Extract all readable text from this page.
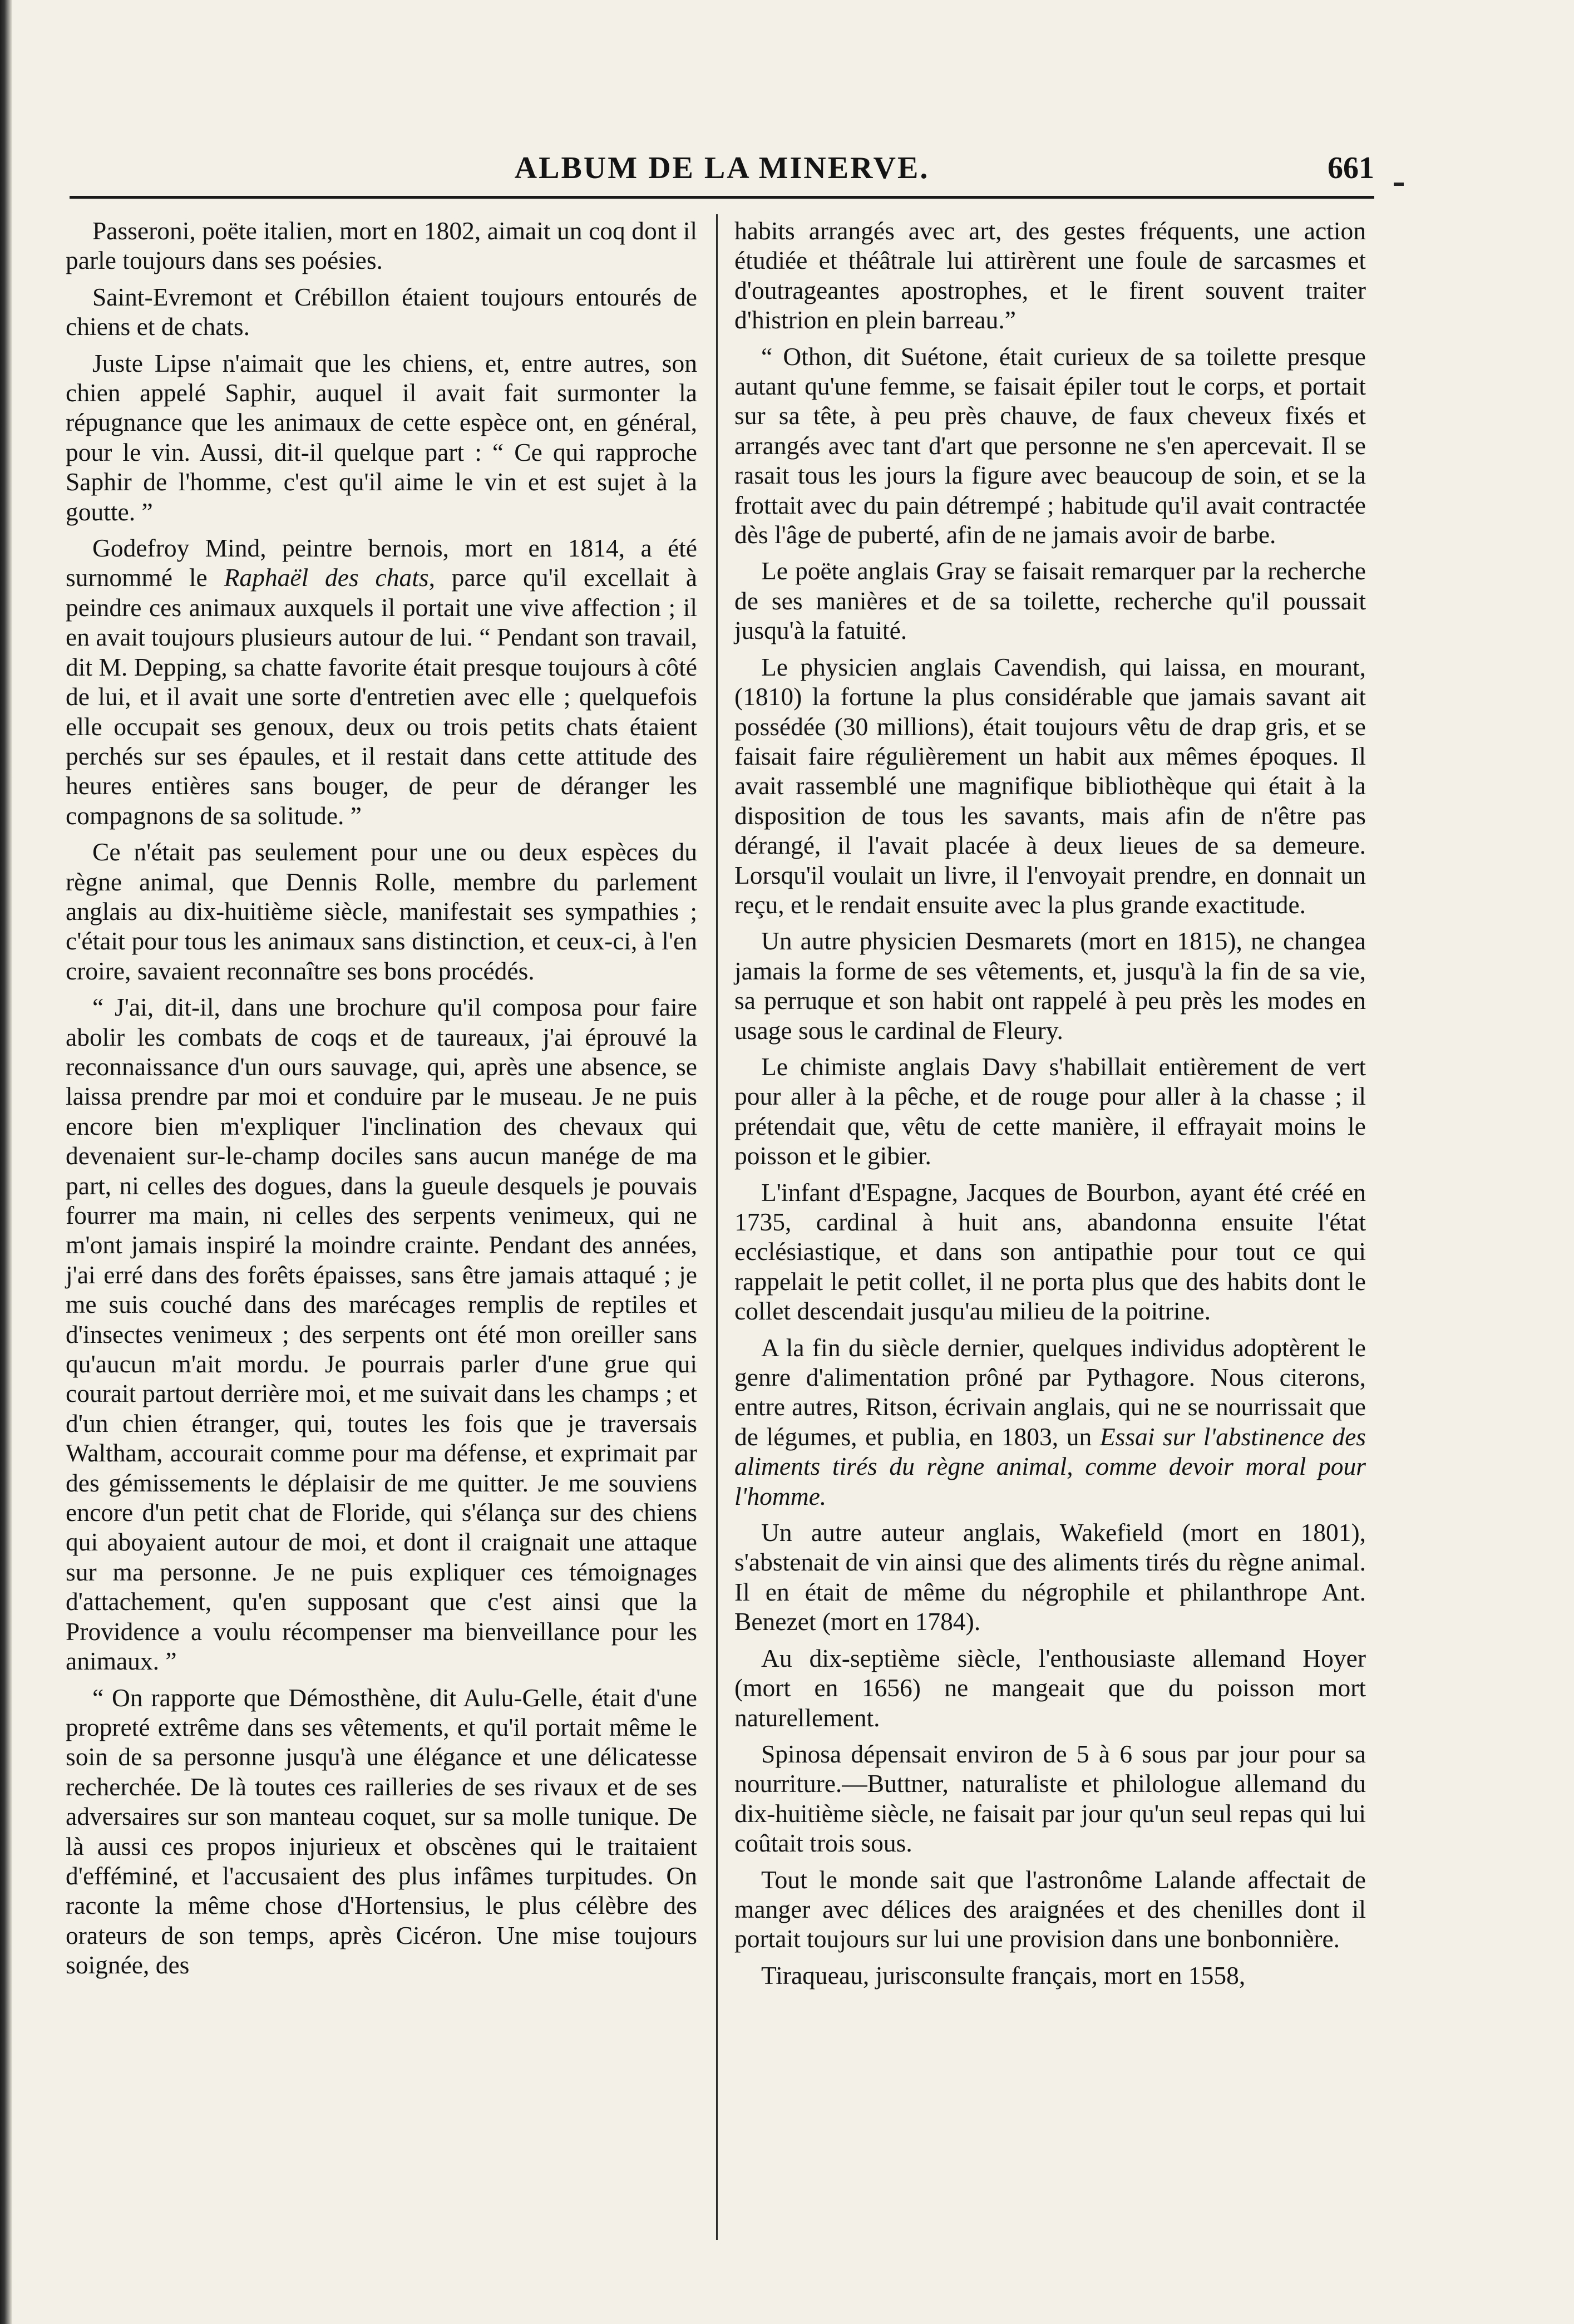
ALBUM DE LA MINERVE.	661

Passeroni, poëte italien, mort en 1802, aimait un coq dont il parle toujours dans ses poésies.

Saint-Evremont et Crébillon étaient toujours entourés de chiens et de chats.

Juste Lipse n'aimait que les chiens, et, entre autres, son chien appelé Saphir, auquel il avait fait surmonter la répugnance que les animaux de cette espèce ont, en général, pour le vin. Aussi, dit-il quelque part : “ Ce qui rapproche Saphir de l'homme, c'est qu'il aime le vin et est sujet à la goutte. ”

Godefroy Mind, peintre bernois, mort en 1814, a été surnommé le Raphaël des chats, parce qu'il excellait à peindre ces animaux auxquels il portait une vive affection ; il en avait toujours plusieurs autour de lui. “ Pendant son travail, dit M. Depping, sa chatte favorite était presque toujours à côté de lui, et il avait une sorte d'entretien avec elle ; quelquefois elle occupait ses genoux, deux ou trois petits chats étaient perchés sur ses épaules, et il restait dans cette attitude des heures entières sans bouger, de peur de déranger les compagnons de sa solitude. ”

Ce n'était pas seulement pour une ou deux espèces du règne animal, que Dennis Rolle, membre du parlement anglais au dix-huitième siècle, manifestait ses sympathies ; c'était pour tous les animaux sans distinction, et ceux-ci, à l'en croire, savaient reconnaître ses bons procédés.

“ J'ai, dit-il, dans une brochure qu'il composa pour faire abolir les combats de coqs et de taureaux, j'ai éprouvé la reconnaissance d'un ours sauvage, qui, après une absence, se laissa prendre par moi et conduire par le museau. Je ne puis encore bien m'expliquer l'inclination des chevaux qui devenaient sur-le-champ dociles sans aucun manége de ma part, ni celles des dogues, dans la gueule desquels je pouvais fourrer ma main, ni celles des serpents venimeux, qui ne m'ont jamais inspiré la moindre crainte. Pendant des années, j'ai erré dans des forêts épaisses, sans être jamais attaqué ; je me suis couché dans des marécages remplis de reptiles et d'insectes venimeux ; des serpents ont été mon oreiller sans qu'aucun m'ait mordu. Je pourrais parler d'une grue qui courait partout derrière moi, et me suivait dans les champs ; et d'un chien étranger, qui, toutes les fois que je traversais Waltham, accourait comme pour ma défense, et exprimait par des gémissements le déplaisir de me quitter. Je me souviens encore d'un petit chat de Floride, qui s'élança sur des chiens qui aboyaient autour de moi, et dont il craignait une attaque sur ma personne. Je ne puis expliquer ces témoignages d'attachement, qu'en supposant que c'est ainsi que la Providence a voulu récompenser ma bienveillance pour les animaux. ”

“ On rapporte que Démosthène, dit Aulu-Gelle, était d'une propreté extrême dans ses vêtements, et qu'il portait même le soin de sa personne jusqu'à une élégance et une délicatesse recherchée. De là toutes ces railleries de ses rivaux et de ses adversaires sur son manteau coquet, sur sa molle tunique. De là aussi ces propos injurieux et obscènes qui le traitaient d'efféminé, et l'accusaient des plus infâmes turpitudes. On raconte la même chose d'Hortensius, le plus célèbre des orateurs de son temps, après Cicéron. Une mise toujours soignée, des

habits arrangés avec art, des gestes fréquents, une action étudiée et théâtrale lui attirèrent une foule de sarcasmes et d'outrageantes apostrophes, et le firent souvent traiter d'histrion en plein barreau.”

“ Othon, dit Suétone, était curieux de sa toilette presque autant qu'une femme, se faisait épiler tout le corps, et portait sur sa tête, à peu près chauve, de faux cheveux fixés et arrangés avec tant d'art que personne ne s'en apercevait. Il se rasait tous les jours la figure avec beaucoup de soin, et se la frottait avec du pain détrempé ; habitude qu'il avait contractée dès l'âge de puberté, afin de ne jamais avoir de barbe.

Le poëte anglais Gray se faisait remarquer par la recherche de ses manières et de sa toilette, recherche qu'il poussait jusqu'à la fatuité.

Le physicien anglais Cavendish, qui laissa, en mourant, (1810) la fortune la plus considérable que jamais savant ait possédée (30 millions), était toujours vêtu de drap gris, et se faisait faire régulièrement un habit aux mêmes époques. Il avait rassemblé une magnifique bibliothèque qui était à la disposition de tous les savants, mais afin de n'être pas dérangé, il l'avait placée à deux lieues de sa demeure. Lorsqu'il voulait un livre, il l'envoyait prendre, en donnait un reçu, et le rendait ensuite avec la plus grande exactitude.

Un autre physicien Desmarets (mort en 1815), ne changea jamais la forme de ses vêtements, et, jusqu'à la fin de sa vie, sa perruque et son habit ont rappelé à peu près les modes en usage sous le cardinal de Fleury.

Le chimiste anglais Davy s'habillait entièrement de vert pour aller à la pêche, et de rouge pour aller à la chasse ; il prétendait que, vêtu de cette manière, il effrayait moins le poisson et le gibier.

L'infant d'Espagne, Jacques de Bourbon, ayant été créé en 1735, cardinal à huit ans, abandonna ensuite l'état ecclésiastique, et dans son antipathie pour tout ce qui rappelait le petit collet, il ne porta plus que des habits dont le collet descendait jusqu'au milieu de la poitrine.

A la fin du siècle dernier, quelques individus adoptèrent le genre d'alimentation prôné par Pythagore. Nous citerons, entre autres, Ritson, écrivain anglais, qui ne se nourrissait que de légumes, et publia, en 1803, un Essai sur l'abstinence des aliments tirés du règne animal, comme devoir moral pour l'homme.

Un autre auteur anglais, Wakefield (mort en 1801), s'abstenait de vin ainsi que des aliments tirés du règne animal. Il en était de même du négrophile et philanthrope Ant. Benezet (mort en 1784).

Au dix-septième siècle, l'enthousiaste allemand Hoyer (mort en 1656) ne mangeait que du poisson mort naturellement.

Spinosa dépensait environ de 5 à 6 sous par jour pour sa nourriture.—Buttner, naturaliste et philologue allemand du dix-huitième siècle, ne faisait par jour qu'un seul repas qui lui coûtait trois sous.

Tout le monde sait que l'astronôme Lalande affectait de manger avec délices des araignées et des chenilles dont il portait toujours sur lui une provision dans une bonbonnière.

Tiraqueau, jurisconsulte français, mort en 1558,
